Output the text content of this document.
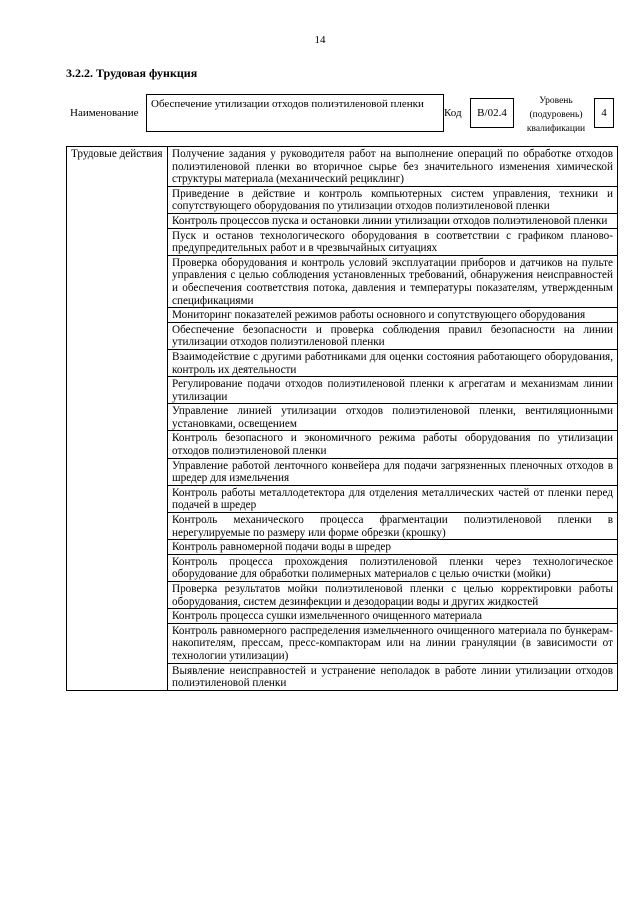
14
3.2.2. Трудовая функция
Наименование
Обеспечение утилизации отходов полиэтиленовой пленки
Код	B/02.4
Уровень (подуровень) квалификации
4
Трудовые действия	Получение задания у руководителя работ на выполнение операций по обработке отходов полиэтиленовой пленки во вторичное сырье без значительного изменения химической структуры материала (механический рециклинг)
Приведение в действие и контроль компьютерных систем управления, техники и сопутствующего оборудования по утилизации отходов полиэтиленовой пленки
Контроль процессов пуска и остановки линии утилизации отходов полиэтиленовой пленки
Пуск и останов технологического оборудования в соответствии с графиком планово-предупредительных работ и в чрезвычайных ситуациях
Проверка оборудования и контроль условий эксплуатации приборов и датчиков на пульте управления с целью соблюдения установленных требований, обнаружения неисправностей и обеспечения соответствия потока, давления и температуры показателям, утвержденным спецификациями
Мониторинг показателей режимов работы основного и сопутствующего оборудования
Обеспечение безопасности и проверка соблюдения правил безопасности на линии утилизации отходов полиэтиленовой пленки
Взаимодействие с другими работниками для оценки состояния работающего оборудования, контроль их деятельности
Регулирование подачи отходов полиэтиленовой пленки к агрегатам и механизмам линии утилизации
Управление линией утилизации отходов полиэтиленовой пленки, вентиляционными установками, освещением
Контроль безопасного и экономичного режима работы оборудования по утилизации отходов полиэтиленовой пленки
Управление работой ленточного конвейера для подачи загрязненных пленочных отходов в шредер для измельчения
Контроль работы металлодетектора для отделения металлических частей от пленки перед подачей в шредер
Контроль механического процесса фрагментации полиэтиленовой пленки в нерегулируемые по размеру или форме обрезки (крошку)
Контроль равномерной подачи воды в шредер
Контроль процесса прохождения полиэтиленовой пленки через технологическое оборудование для обработки полимерных материалов с целью очистки (мойки)
Проверка результатов мойки полиэтиленовой пленки с целью корректировки работы оборудования, систем дезинфекции и дезодорации воды и других жидкостей
Контроль процесса сушки измельченного очищенного материала
Контроль равномерного распределения измельченного очищенного материала по бункерам-накопителям, прессам, пресс-компакторам или на линии грануляции (в зависимости от технологии утилизации)
Выявление неисправностей и устранение неполадок в работе линии утилизации отходов полиэтиленовой пленки
